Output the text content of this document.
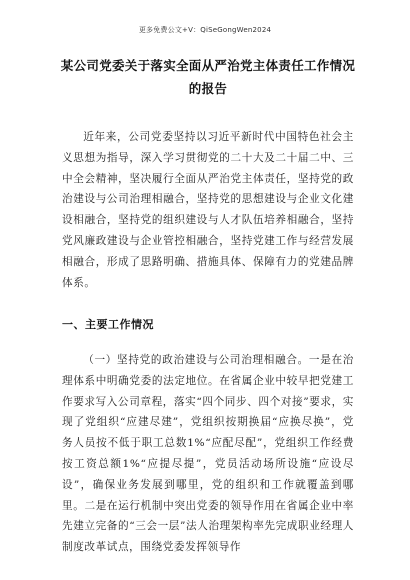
更多免费公文+V：QiSeGongWen2024
某公司党委关于落实全面从严治党主体责任工作情况的报告

近年来，公司党委坚持以习近平新时代中国特色社会主义思想为指导，深入学习贯彻党的二十大及二十届二中、三中全会精神，坚决履行全面从严治党主体责任，坚持党的政治建设与公司治理相融合，坚持党的思想建设与企业文化建设相融合，坚持党的组织建设与人才队伍培养相融合，坚持党风廉政建设与企业管控相融合，坚持党建工作与经营发展相融合，形成了思路明确、措施具体、保障有力的党建品牌体系。

一、主要工作情况

（一）坚持党的政治建设与公司治理相融合。一是在治理体系中明确党委的法定地位。在省属企业中较早把党建工作要求写入公司章程，落实“四个同步、四个对接”要求，实现了党组织“应建尽建”，党组织按期换届“应换尽换”，党务人员按不低于职工总数1%“应配尽配”，党组织工作经费按工资总额1%“应提尽提”，党员活动场所设施“应设尽设”，确保业务发展到哪里，党的组织和工作就覆盖到哪里。二是在运行机制中突出党委的领导作用在省属企业中率先建立完备的“三会一层”法人治理架构率先完成职业经理人制度改革试点，围绕党委发挥领导作
